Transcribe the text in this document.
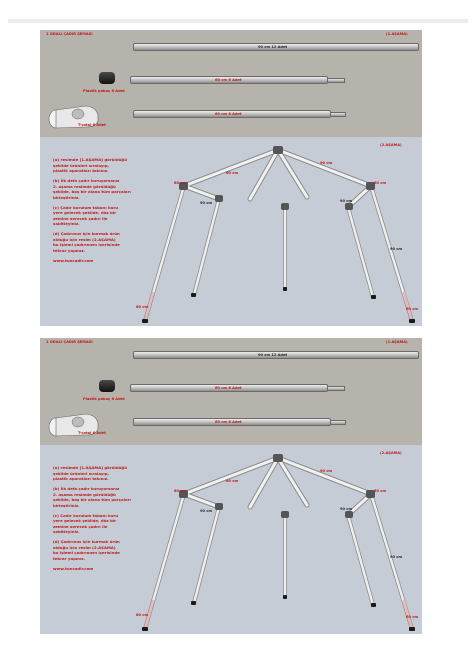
1 ODALI ÇADIR ŞEMASI	(1.AŞAMA)
90 cm 12 Adet
60 cm 6 Adet
Plastik pabuç 6 Adet
60 cm 6 Adet
T-çatal 6 Adet
(2.AŞAMA)

(a) resimde [1.AŞAMA] görüldüğü
şekilde ürünleri sıralayıp,
plastik aparatları takınız.

(b) İlk defa çadır kuruyorsanız
2. aşama resimde görüldüğü
şekilde, boş bir alana tüm parçaları
birleştiriniz.

(c) Çadır kurulum tabanı kuru
yere gelecek şekilde, düz bir
zemine serecek çadırı ile
sabitleyiniz.

(d) Çadırınızı için kurmak ürün
olduğu için resim (2.AŞAMA)
bu işlemi çadırınızın içerisinde
tekrar yapınız.

www.tuncadir.com

60 cm
90 cm
90 cm	90 cm
60 cm	60 cm
90 cm
60 cm	60 cm
1 ODALI ÇADIR ŞEMASI	(1.AŞAMA)
90 cm 12 Adet
60 cm 6 Adet
Plastik pabuç 6 Adet
60 cm 6 Adet
T-çatal 6 Adet
(2.AŞAMA)

(a) resimde [1.AŞAMA] görüldüğü
şekilde ürünleri sıralayıp,
plastik aparatları takınız.

(b) İlk defa çadır kuruyorsanız
2. aşama resimde görüldüğü
şekilde, boş bir alana tüm parçaları
birleştiriniz.

(c) Çadır kurulum tabanı kuru
yere gelecek şekilde, düz bir
zemine serecek çadırı ile
sabitleyiniz.

(d) Çadırınızı için kurmak ürün
olduğu için resim (2.AŞAMA)
bu işlemi çadırınızın içerisinde
tekrar yapınız.

www.tuncadir.com

60 cm
90 cm
90 cm	90 cm
60 cm	60 cm
90 cm
60 cm	60 cm
